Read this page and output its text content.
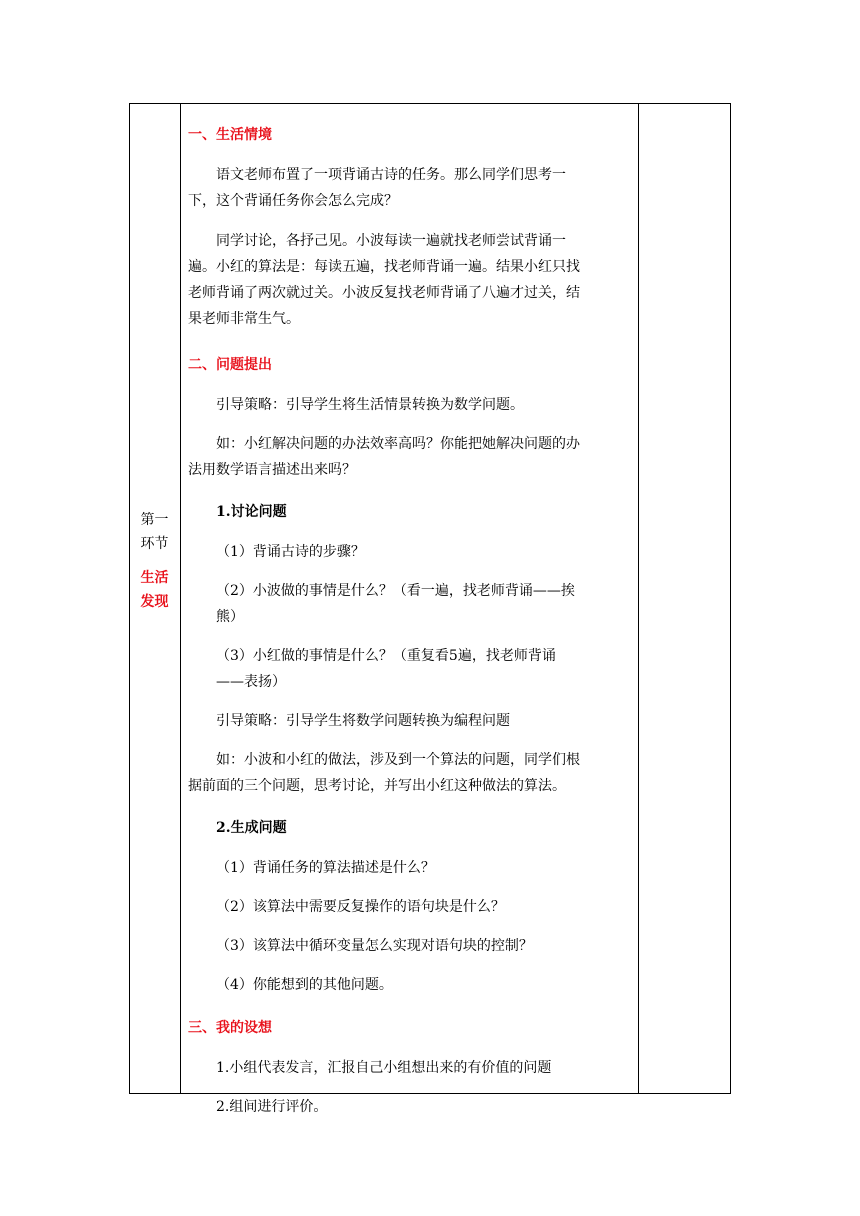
第一
环节
生活
发现

一、生活情境

语文老师布置了一项背诵古诗的任务。那么同学们思考一下，这个背诵任务你会怎么完成？

同学讨论，各抒己见。小波每读一遍就找老师尝试背诵一遍。小红的算法是：每读五遍，找老师背诵一遍。结果小红只找老师背诵了两次就过关。小波反复找老师背诵了八遍才过关，结果老师非常生气。

二、问题提出

引导策略：引导学生将生活情景转换为数学问题。

如：小红解决问题的办法效率高吗？你能把她解决问题的办法用数学语言描述出来吗？

1.讨论问题

（1）背诵古诗的步骤？

（2）小波做的事情是什么？（看一遍，找老师背诵——挨熊）

（3）小红做的事情是什么？（重复看5遍，找老师背诵——表扬）

引导策略：引导学生将数学问题转换为编程问题

如：小波和小红的做法，涉及到一个算法的问题，同学们根据前面的三个问题，思考讨论，并写出小红这种做法的算法。

2.生成问题

（1）背诵任务的算法描述是什么？

（2）该算法中需要反复操作的语句块是什么？

（3）该算法中循环变量怎么实现对语句块的控制？

（4）你能想到的其他问题。

三、我的设想

1.小组代表发言，汇报自己小组想出来的有价值的问题

2.组间进行评价。
